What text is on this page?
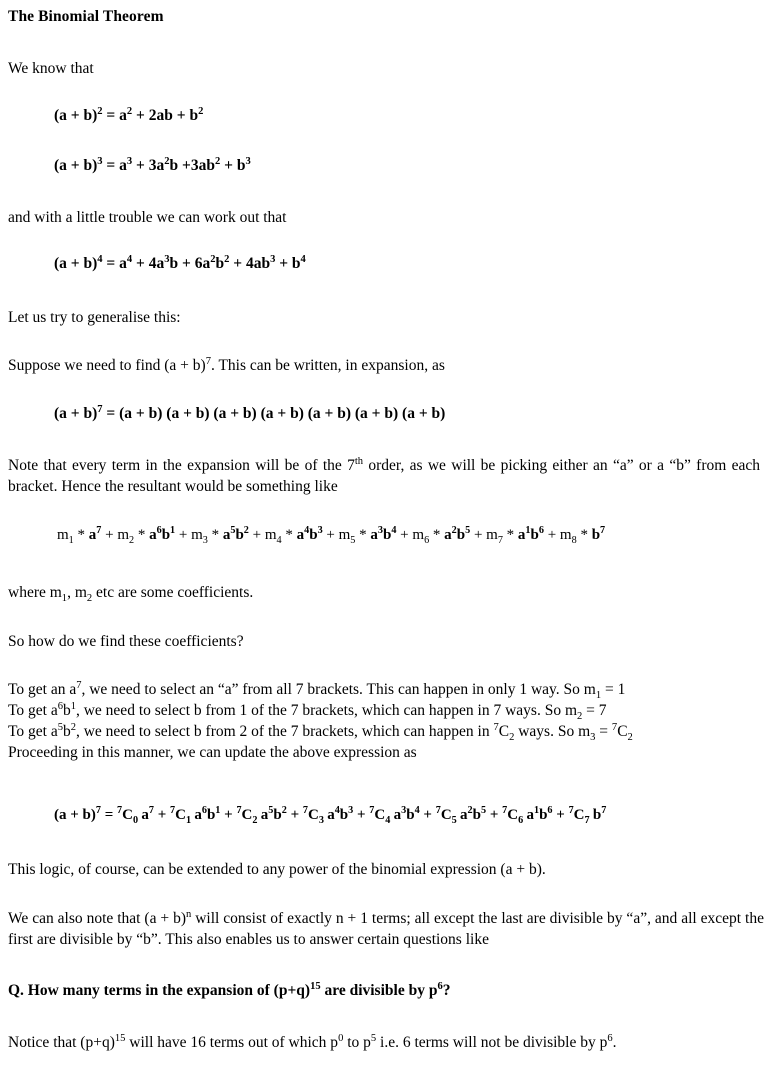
The Binomial Theorem
We know that
$(a + b)^2 = a^2 + 2ab + b^2$
$(a + b)^3 = a^3 + 3a^2b +3ab^2 + b^3$
and with a little trouble we can work out that
$(a + b)^4 = a^4 + 4a^3b + 6a^2b^2 + 4ab^3 + b^4$
Let us try to generalise this:
Suppose we need to find $(a + b)^7$. This can be written, in expansion, as
$(a + b)^7 = (a + b)$ (a + b) (a + b) (a + b) (a + b) (a + b) (a + b)
Note that every term in the expansion will be of the 7th order, as we will be picking either an “a” or a “b” from each bracket. Hence the resultant would be something like
$m_1 * a^7 + m_2 * a^6b^1 + m_3 * a^5b^2 + m_4 * a^4b^3 + m_5 * a^3b^4 + m_6 * a^2b^5 + m_7 * a^1b^6 + m_8 * b^7$
where $m_1$, $m_2$ etc are some coefficients.
So how do we find these coefficients?
To get an $a^7$, we need to select an “a” from all 7 brackets. This can happen in only 1 way. So $m_1 = 1$
To get $a^6b^1$, we need to select b from 1 of the 7 brackets, which can happen in 7 ways. So $m_2 = 7$
To get $a^5b^2$, we need to select b from 2 of the 7 brackets, which can happen in $^7C_2$ ways. So $m_3 = ^7C_2$
Proceeding in this manner, we can update the above expression as
$(a + b)^7 = ^7C_0$ $a^7 + ^7C_1$ $a^6b^1 + ^7C_2$ $a^5b^2 + ^7C_3$ $a^4b^3 + ^7C_4$ $a^3b^4 + ^7C_5$ $a^2b^5 + ^7C_6$ $a^1b^6 + ^7C_7$ $b^7$
This logic, of course, can be extended to any power of the binomial expression (a + b).
We can also note that $(a + b)^n$ will consist of exactly n + 1 terms; all except the last are divisible by “a”, and all except the first are divisible by “b”. This also enables us to answer certain questions like
Q. How many terms in the expansion of $(p+q)^{15}$ are divisible by $p^6$?
Notice that $(p+q)^{15}$ will have 16 terms out of which $p^0$ to $p^5$ i.e. 6 terms will not be divisible by $p^6$.
